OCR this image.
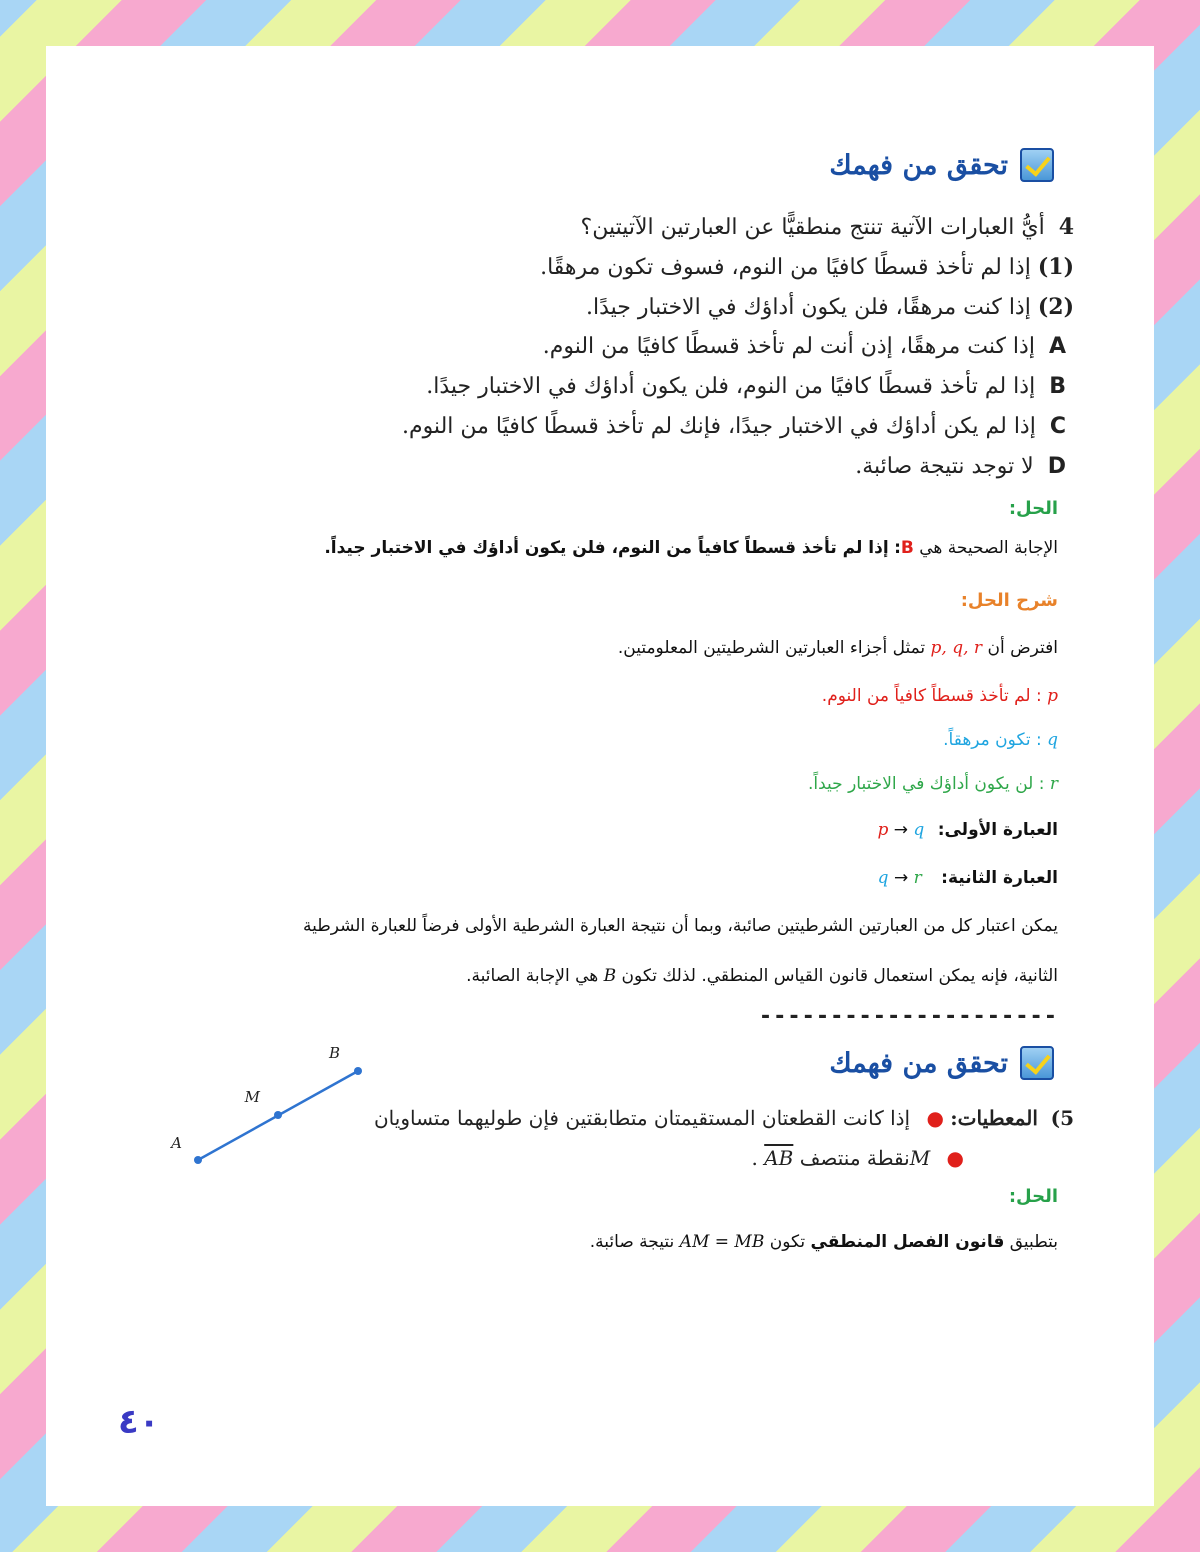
تحقق من فهمك
4  أيُّ العبارات الآتية تنتج منطقيًّا عن العبارتين الآتيتين؟
(1) إذا لم تأخذ قسطًا كافيًا من النوم، فسوف تكون مرهقًا.
(2) إذا كنت مرهقًا، فلن يكون أداؤك في الاختبار جيدًا.
Aإذا كنت مرهقًا، إذن أنت لم تأخذ قسطًا كافيًا من النوم.
Bإذا لم تأخذ قسطًا كافيًا من النوم، فلن يكون أداؤك في الاختبار جيدًا.
Cإذا لم يكن أداؤك في الاختبار جيدًا، فإنك لم تأخذ قسطًا كافيًا من النوم.
Dلا توجد نتيجة صائبة.
الحل:
الإجابة الصحيحة هي B: إذا لم تأخذ قسطاً كافياً من النوم، فلن يكون أداؤك في الاختبار جيداً.
شرح الحل:
افترض أن p, q, r تمثل أجزاء العبارتين الشرطيتين المعلومتين.
p : لم تأخذ قسطاً كافياً من النوم.
q : تكون مرهقاً.
r : لن يكون أداؤك في الاختبار جيداً.
العبارة الأولى: p → q
العبارة الثانية: q → r
يمكن اعتبار كل من العبارتين الشرطيتين صائبة، وبما أن نتيجة العبارة الشرطية الأولى فرضاً للعبارة الشرطية
الثانية، فإنه يمكن استعمال قانون القياس المنطقي. لذلك تكون B هي الإجابة الصائبة.
---------------------
تحقق من فهمك
A
M
B
5)  المعطيات: ● إذا كانت القطعتان المستقيمتان متطابقتين فإن طوليهما متساويان
● Mنقطة منتصف AB .
الحل:
بتطبيق قانون الفصل المنطقي تكون AM = MB نتيجة صائبة.
٤٠
